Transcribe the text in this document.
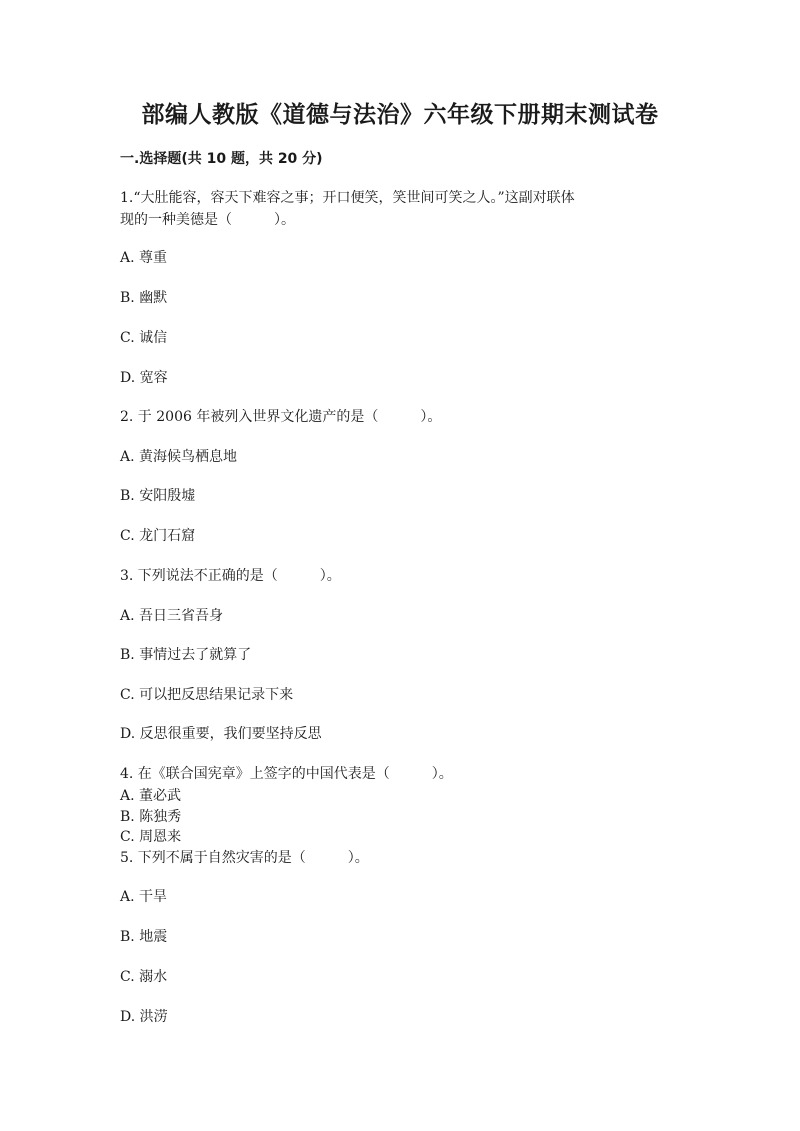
部编人教版《道德与法治》六年级下册期末测试卷
一.选择题(共 10 题，共 20 分)
1.“大肚能容，容天下难容之事；开口便笑，笑世间可笑之人。”这副对联体
现的一种美德是（　　　）。
A. 尊重
B. 幽默
C. 诚信
D. 宽容
2. 于 2006 年被列入世界文化遗产的是（　　　）。
A. 黄海候鸟栖息地
B. 安阳殷墟
C. 龙门石窟
3. 下列说法不正确的是（　　　）。
A. 吾日三省吾身
B. 事情过去了就算了
C. 可以把反思结果记录下来
D. 反思很重要，我们要坚持反思
4. 在《联合国宪章》上签字的中国代表是（　　　）。
A. 董必武
B. 陈独秀
C. 周恩来
5. 下列不属于自然灾害的是（　　　）。
A. 干旱
B. 地震
C. 溺水
D. 洪涝
